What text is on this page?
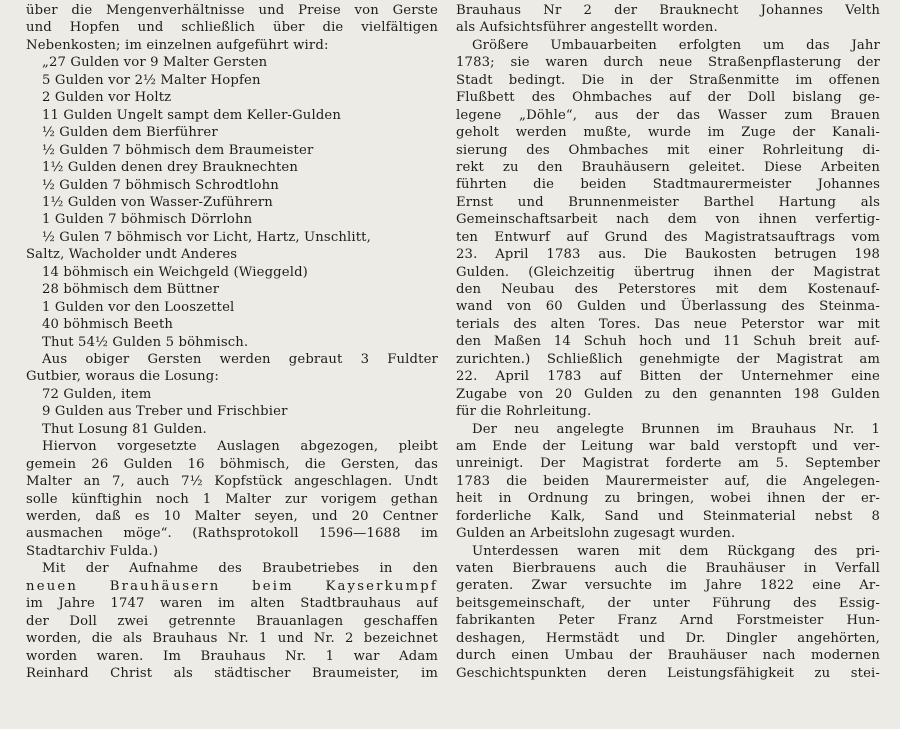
über die Mengenverhältnisse und Preise von Gerste
und Hopfen und schließlich über die vielfältigen
Nebenkosten; im einzelnen aufgeführt wird:
„27 Gulden vor 9 Malter Gersten
5 Gulden vor 2½ Malter Hopfen
2 Gulden vor Holtz
11 Gulden Ungelt sampt dem Keller-Gulden
½ Gulden dem Bierführer
½ Gulden 7 böhmisch dem Braumeister
1½ Gulden denen drey Brauknechten
½ Gulden 7 böhmisch Schrodtlohn
1½ Gulden von Wasser-Zuführern
1 Gulden 7 böhmisch Dörrlohn
½ Gulen 7 böhmisch vor Licht, Hartz, Unschlitt,
Saltz, Wacholder undt Anderes
14 böhmisch ein Weichgeld (Wieggeld)
28 böhmisch dem Büttner
1 Gulden vor den Looszettel
40 böhmisch Beeth
Thut 54½ Gulden 5 böhmisch.
Aus obiger Gersten werden gebraut 3 Fuldter
Gutbier, woraus die Losung:
72 Gulden, item
9 Gulden aus Treber und Frischbier
Thut Losung 81 Gulden.
Hiervon vorgesetzte Auslagen abgezogen, pleibt
gemein 26 Gulden 16 böhmisch, die Gersten, das
Malter an 7, auch 7½ Kopfstück angeschlagen. Undt
solle künftighin noch 1 Malter zur vorigem gethan
werden, daß es 10 Malter seyen, und 20 Centner
ausmachen möge“. (Rathsprotokoll 1596—1688 im
Stadtarchiv Fulda.)
Mit der Aufnahme des Braubetriebes in den
neuen Brauhäusern beim Kayserkumpf
im Jahre 1747 waren im alten Stadtbrauhaus auf
der Doll zwei getrennte Brauanlagen geschaffen
worden, die als Brauhaus Nr. 1 und Nr. 2 bezeichnet
worden waren. Im Brauhaus Nr. 1 war Adam
Reinhard Christ als städtischer Braumeister, im
Brauhaus Nr 2 der Brauknecht Johannes Velth
als Aufsichtsführer angestellt worden.
Größere Umbauarbeiten erfolgten um das Jahr
1783; sie waren durch neue Straßenpflasterung der
Stadt bedingt. Die in der Straßenmitte im offenen
Flußbett des Ohmbaches auf der Doll bislang ge-
legene „Döhle“, aus der das Wasser zum Brauen
geholt werden mußte, wurde im Zuge der Kanali-
sierung des Ohmbaches mit einer Rohrleitung di-
rekt zu den Brauhäusern geleitet. Diese Arbeiten
führten die beiden Stadtmaurermeister Johannes
Ernst und Brunnenmeister Barthel Hartung als
Gemeinschaftsarbeit nach dem von ihnen verfertig-
ten Entwurf auf Grund des Magistratsauftrags vom
23. April 1783 aus. Die Baukosten betrugen 198
Gulden. (Gleichzeitig übertrug ihnen der Magistrat
den Neubau des Peterstores mit dem Kostenauf-
wand von 60 Gulden und Überlassung des Steinma-
terials des alten Tores. Das neue Peterstor war mit
den Maßen 14 Schuh hoch und 11 Schuh breit auf-
zurichten.) Schließlich genehmigte der Magistrat am
22. April 1783 auf Bitten der Unternehmer eine
Zugabe von 20 Gulden zu den genannten 198 Gulden
für die Rohrleitung.
Der neu angelegte Brunnen im Brauhaus Nr. 1
am Ende der Leitung war bald verstopft und ver-
unreinigt. Der Magistrat forderte am 5. September
1783 die beiden Maurermeister auf, die Angelegen-
heit in Ordnung zu bringen, wobei ihnen der er-
forderliche Kalk, Sand und Steinmaterial nebst 8
Gulden an Arbeitslohn zugesagt wurden.
Unterdessen waren mit dem Rückgang des pri-
vaten Bierbrauens auch die Brauhäuser in Verfall
geraten. Zwar versuchte im Jahre 1822 eine Ar-
beitsgemeinschaft, der unter Führung des Essig-
fabrikanten Peter Franz Arnd Forstmeister Hun-
deshagen, Hermstädt und Dr. Dingler angehörten,
durch einen Umbau der Brauhäuser nach modernen
Geschichtspunkten deren Leistungsfähigkeit zu stei-
